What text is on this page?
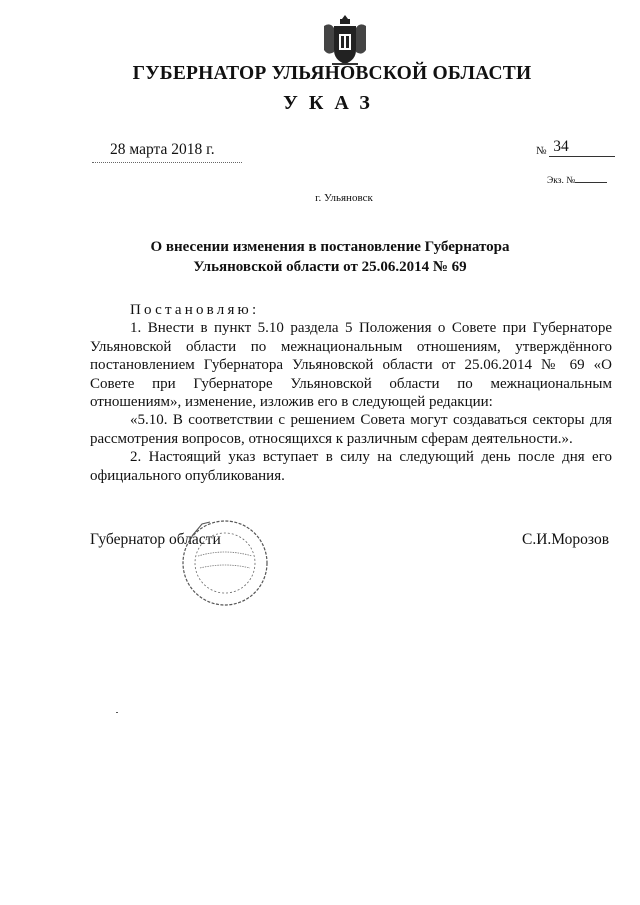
ГУБЕРНАТОР УЛЬЯНОВСКОЙ ОБЛАСТИ
УКАЗ
28 марта 2018 г.	№ 34
Экз. №
г. Ульяновск
О внесении изменения в постановление Губернатора
Ульяновской области от 25.06.2014 № 69

Постановляю:

1. Внести в пункт 5.10 раздела 5 Положения о Совете при Губернаторе Ульяновской области по межнациональным отношениям, утверждённого постановлением Губернатора Ульяновской области от 25.06.2014 № 69 «О Совете при Губернаторе Ульяновской области по межнациональным отношениям», изменение, изложив его в следующей редакции:

«5.10. В соответствии с решением Совета могут создаваться секторы для рассмотрения вопросов, относящихся к различным сферам деятельности.».

2. Настоящий указ вступает в силу на следующий день после дня его официального опубликования.

Губернатор области	С.И.Морозов
